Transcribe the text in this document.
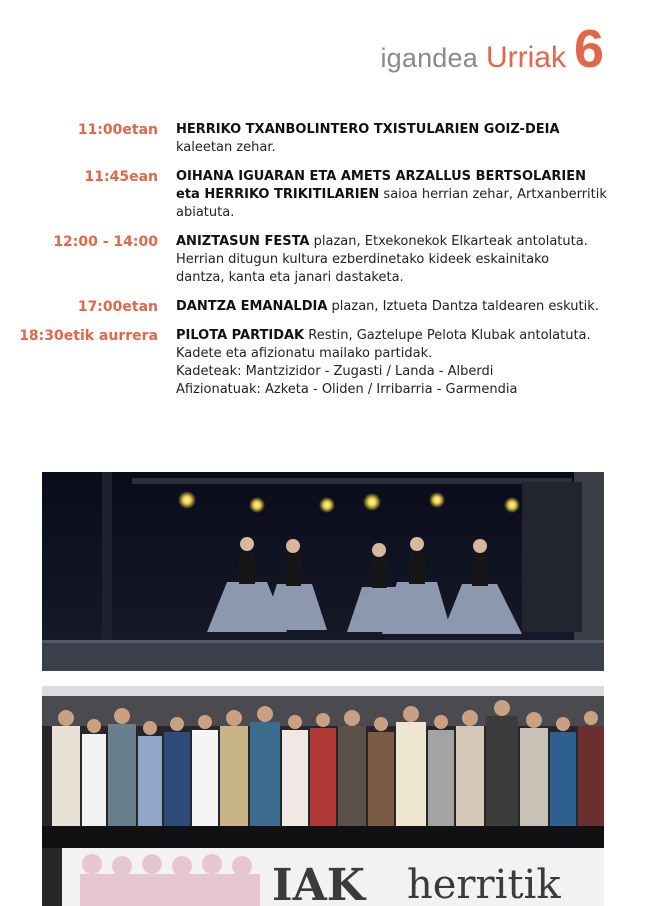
igandea Urriak 6
11:00etan	HERRIKO TXANBOLINTERO TXISTULARIEN GOIZ-DEIA
kaleetan zehar.
11:45ean	OIHANA IGUARAN ETA AMETS ARZALLUS BERTSOLARIEN
eta HERRIKO TRIKITILARIEN saioa herrian zehar, Artxanberritik
abiatuta.
12:00 - 14:00	ANIZTASUN FESTA plazan, Etxekonekok Elkarteak antolatuta.
Herrian ditugun kultura ezberdinetako kideek eskainitako
dantza, kanta eta janari dastaketa.
17:00etan	DANTZA EMANALDIA plazan, Iztueta Dantza taldearen eskutik.
18:30etik aurrera	PILOTA PARTIDAK Restin, Gaztelupe Pelota Klubak antolatuta.
Kadete eta afizionatu mailako partidak.
Kadeteak: Mantzizidor - Zugasti / Landa - Alberdi
Afizionatuak: Azketa - Oliden / Irribarria - Garmendia
IAK herritik
